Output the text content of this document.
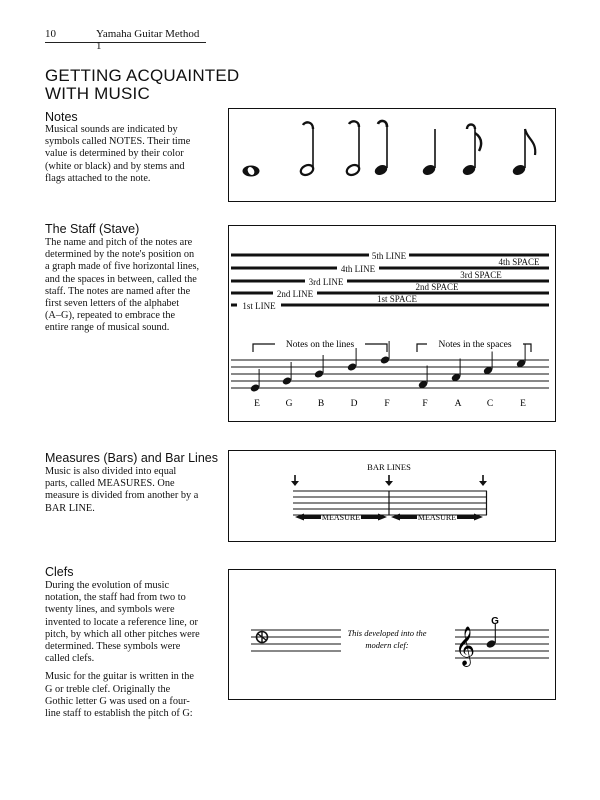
10	Yamaha Guitar Method 1
GETTING ACQUAINTED
WITH MUSIC
Notes
Musical sounds are indicated by
symbols called NOTES. Their time
value is determined by their color
(white or black) and by stems and
flags attached to the note.
The Staff (Stave)
The name and pitch of the notes are
determined by the note's position on
a graph made of five horizontal lines,
and the spaces in between, called the
staff. The notes are named after the
first seven letters of the alphabet
(A–G), repeated to embrace the
entire range of musical sound.
5th LINE
4th LINE
3rd LINE
2nd LINE
1st LINE
4th SPACE
3rd SPACE
2nd SPACE
1st SPACE
Notes on the lines	Notes in the spaces
E	G	B	D	F	F	A	C	E
Measures (Bars) and Bar Lines
Music is also divided into equal
parts, called MEASURES. One
measure is divided from another by a
BAR LINE.
BAR LINES
MEASURE	MEASURE
Clefs

During the evolution of music
notation, the staff had from two to
twenty lines, and symbols were
invented to locate a reference line, or
pitch, by which all other pitches were
determined. These symbols were
called clefs.

Music for the guitar is written in the
G or treble clef. Originally the
Gothic letter G was used on a four-
line staff to establish the pitch of G:

This developed into the
modern clef:
G
𝄞
